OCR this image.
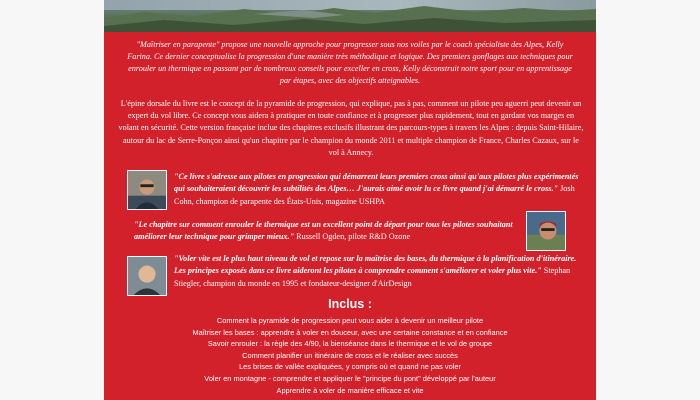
"Maîtriser en parapente" propose une nouvelle approche pour progresser sous nos voiles par le coach spécialiste des Alpes, Kelly Farina. Ce dernier conceptualise la progression d'une manière très méthodique et logique. Des premiers gonflages aux techniques pour enrouler un thermique en passant par de nombreux conseils pour exceller en cross, Kelly déconstruit notre sport pour en apprentissage par étapes, avec des objectifs atteignables.

L'épine dorsale du livre est le concept de la pyramide de progression, qui explique, pas à pas, comment un pilote peu aguerri peut devenir un expert du vol libre. Ce concept vous aidera à pratiquer en toute confiance et à progresser plus rapidement, tout en gardant vos marges en volant en sécurité. Cette version française inclue des chapitres exclusifs illustrant des parcours-types à travers les Alpes : depuis Saint-Hilaire, autour du lac de Serre-Ponçon ainsi qu'un chapitre par le champion du monde 2011 et multiple champion de France, Charles Cazaux, sur le vol à Annecy.

"Ce livre s'adresse aux pilotes en progression qui démarrent leurs premiers cross ainsi qu'aux pilotes plus expérimentés qui souhaiteraient découvrir les subtilités des Alpes… J'aurais aimé avoir lu ce livre quand j'ai démarré le cross." Josh Cohn, champion de parapente des États-Unis, magazine USHPA

"Le chapitre sur comment enrouler le thermique est un excellent point de départ pour tous les pilotes souhaitant améliorer leur technique pour grimper mieux." Russell Ogden, pilote R&D Ozone

"Voler vite est le plus haut niveau de vol et repose sur la maîtrise des bases, du thermique à la planification d'itinéraire. Les principes exposés dans ce livre aideront les pilotes à comprendre comment s'améliorer et voler plus vite." Stephan Stiegler, champion du monde en 1995 et fondateur-designer d'AirDesign

Inclus :
Comment la pyramide de progression peut vous aider à devenir un meilleur pilote
Maîtriser les bases : apprendre à voler en douceur, avec une certaine constance et en confiance
Savoir enrouler : la règle des 4/90, la bienséance dans le thermique et le vol de groupe
Comment planifier un itinéraire de cross et le réaliser avec succès
Les brises de vallée expliquées, y compris où et quand ne pas voler
Voler en montagne - comprendre et appliquer le "principe du pont" développé par l'auteur
Apprendre à voler de manière efficace et vite
